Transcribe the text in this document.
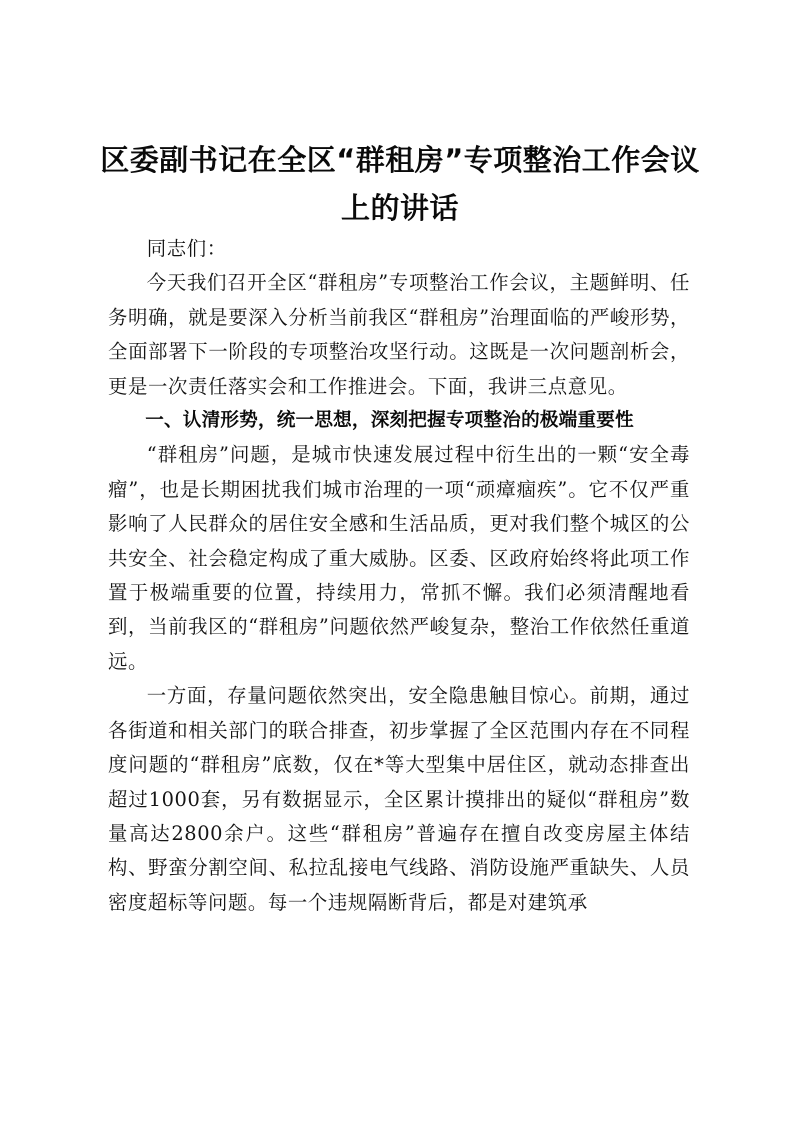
区委副书记在全区“群租房”专项整治工作会议上的讲话

同志们：

今天我们召开全区“群租房”专项整治工作会议，主题鲜明、任务明确，就是要深入分析当前我区“群租房”治理面临的严峻形势，全面部署下一阶段的专项整治攻坚行动。这既是一次问题剖析会，更是一次责任落实会和工作推进会。下面，我讲三点意见。

一、认清形势，统一思想，深刻把握专项整治的极端重要性

“群租房”问题，是城市快速发展过程中衍生出的一颗“安全毒瘤”，也是长期困扰我们城市治理的一项“顽瘴痼疾”。它不仅严重影响了人民群众的居住安全感和生活品质，更对我们整个城区的公共安全、社会稳定构成了重大威胁。区委、区政府始终将此项工作置于极端重要的位置，持续用力，常抓不懈。我们必须清醒地看到，当前我区的“群租房”问题依然严峻复杂，整治工作依然任重道远。

一方面，存量问题依然突出，安全隐患触目惊心。前期，通过各街道和相关部门的联合排查，初步掌握了全区范围内存在不同程度问题的“群租房”底数，仅在*等大型集中居住区，就动态排查出超过1000套，另有数据显示，全区累计摸排出的疑似“群租房”数量高达2800余户。这些“群租房”普遍存在擅自改变房屋主体结构、野蛮分割空间、私拉乱接电气线路、消防设施严重缺失、人员密度超标等问题。每一个违规隔断背后，都是对建筑承
